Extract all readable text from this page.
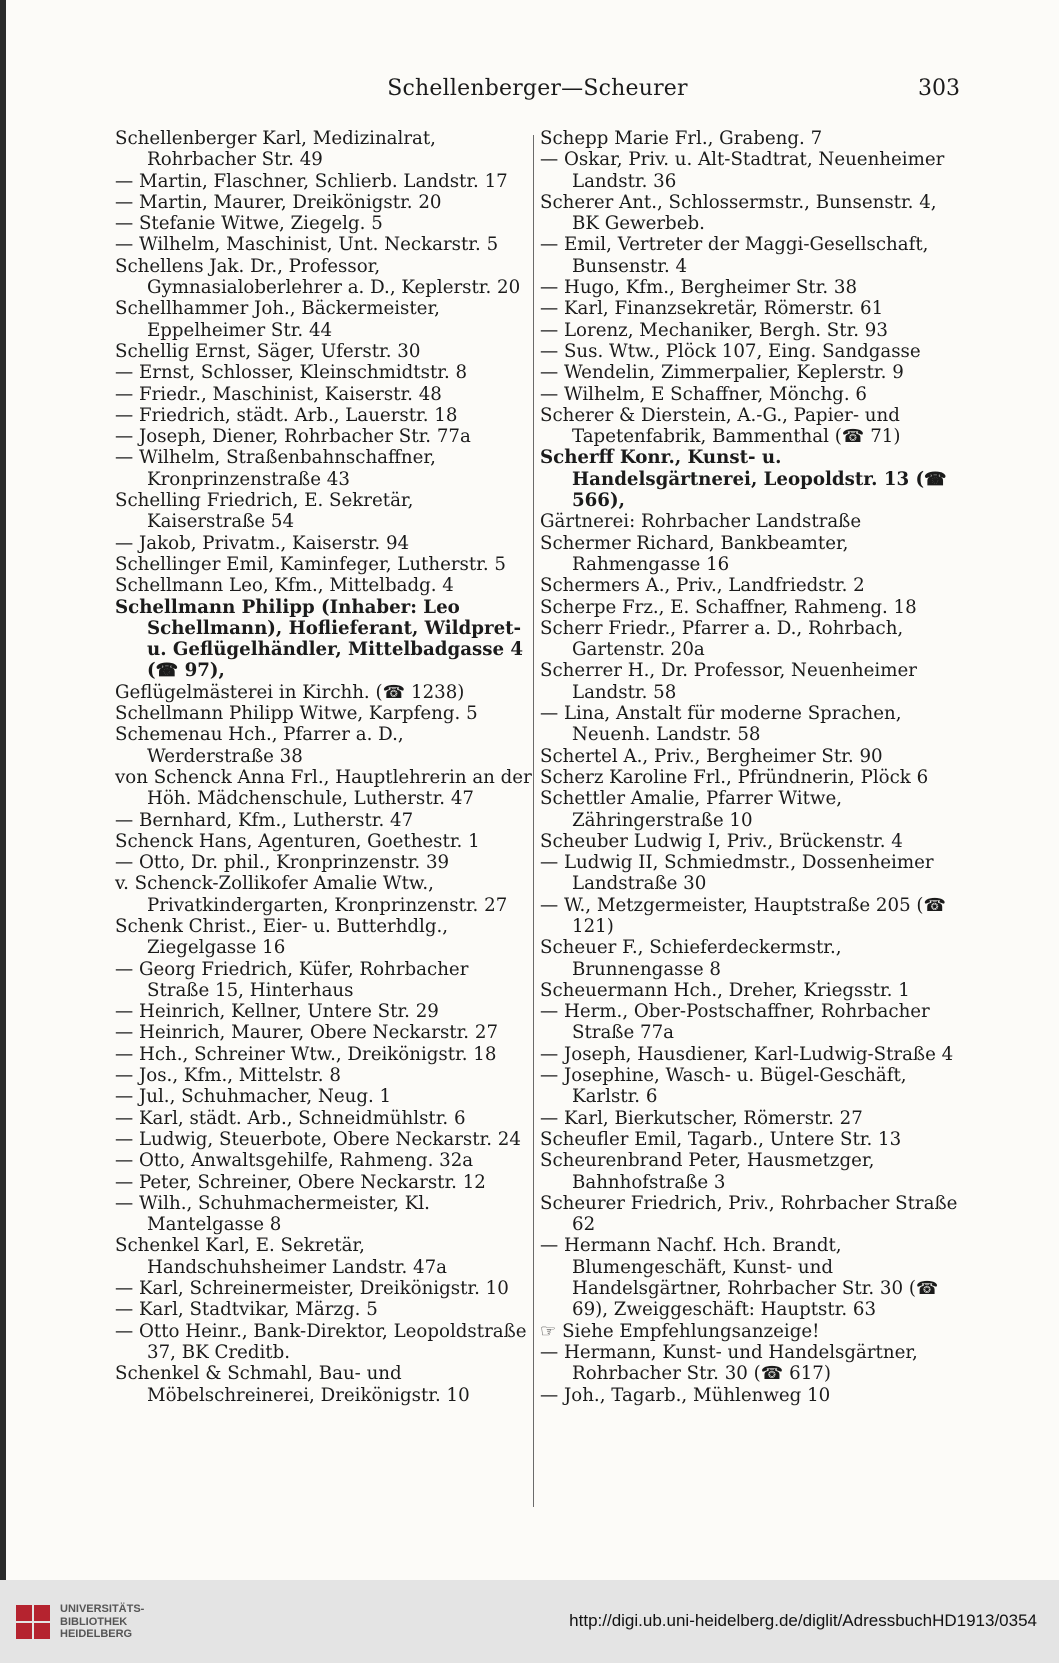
Schellenberger—Scheurer	303

Schellenberger Karl, Medizinalrat, Rohrbacher Str. 49

— Martin, Flaschner, Schlierb. Landstr. 17

— Martin, Maurer, Dreikönigstr. 20

— Stefanie Witwe, Ziegelg. 5

— Wilhelm, Maschinist, Unt. Neckarstr. 5

Schellens Jak. Dr., Professor, Gymnasialoberlehrer a. D., Keplerstr. 20

Schellhammer Joh., Bäckermeister, Eppelheimer Str. 44

Schellig Ernst, Säger, Uferstr. 30

— Ernst, Schlosser, Kleinschmidtstr. 8

— Friedr., Maschinist, Kaiserstr. 48

— Friedrich, städt. Arb., Lauerstr. 18

— Joseph, Diener, Rohrbacher Str. 77a

— Wilhelm, Straßenbahnschaffner, Kronprinzenstraße 43

Schelling Friedrich, E. Sekretär, Kaiserstraße 54

— Jakob, Privatm., Kaiserstr. 94

Schellinger Emil, Kaminfeger, Lutherstr. 5

Schellmann Leo, Kfm., Mittelbadg. 4

Schellmann Philipp (Inhaber: Leo Schellmann), Hoflieferant, Wildpret- u. Geflügelhändler, Mittelbadgasse 4 (☎ 97),

Geflügelmästerei in Kirchh. (☎ 1238)

Schellmann Philipp Witwe, Karpfeng. 5

Schemenau Hch., Pfarrer a. D., Werderstraße 38

von Schenck Anna Frl., Hauptlehrerin an der Höh. Mädchenschule, Lutherstr. 47

— Bernhard, Kfm., Lutherstr. 47

Schenck Hans, Agenturen, Goethestr. 1

— Otto, Dr. phil., Kronprinzenstr. 39

v. Schenck-Zollikofer Amalie Wtw., Privatkindergarten, Kronprinzenstr. 27

Schenk Christ., Eier- u. Butterhdlg., Ziegelgasse 16

— Georg Friedrich, Küfer, Rohrbacher Straße 15, Hinterhaus

— Heinrich, Kellner, Untere Str. 29

— Heinrich, Maurer, Obere Neckarstr. 27

— Hch., Schreiner Wtw., Dreikönigstr. 18

— Jos., Kfm., Mittelstr. 8

— Jul., Schuhmacher, Neug. 1

— Karl, städt. Arb., Schneidmühlstr. 6

— Ludwig, Steuerbote, Obere Neckarstr. 24

— Otto, Anwaltsgehilfe, Rahmeng. 32a

— Peter, Schreiner, Obere Neckarstr. 12

— Wilh., Schuhmachermeister, Kl. Mantelgasse 8

Schenkel Karl, E. Sekretär, Handschuhsheimer Landstr. 47a

— Karl, Schreinermeister, Dreikönigstr. 10

— Karl, Stadtvikar, Märzg. 5

— Otto Heinr., Bank-Direktor, Leopoldstraße 37, BK Creditb.

Schenkel & Schmahl, Bau- und Möbelschreinerei, Dreikönigstr. 10

Schepp Marie Frl., Grabeng. 7

— Oskar, Priv. u. Alt-Stadtrat, Neuenheimer Landstr. 36

Scherer Ant., Schlossermstr., Bunsenstr. 4, BK Gewerbeb.

— Emil, Vertreter der Maggi-Gesellschaft, Bunsenstr. 4

— Hugo, Kfm., Bergheimer Str. 38

— Karl, Finanzsekretär, Römerstr. 61

— Lorenz, Mechaniker, Bergh. Str. 93

— Sus. Wtw., Plöck 107, Eing. Sandgasse

— Wendelin, Zimmerpalier, Keplerstr. 9

— Wilhelm, E Schaffner, Mönchg. 6

Scherer & Dierstein, A.-G., Papier- und Tapetenfabrik, Bammenthal (☎ 71)

Scherff Konr., Kunst- u. Handelsgärtnerei, Leopoldstr. 13 (☎ 566),

Gärtnerei: Rohrbacher Landstraße

Schermer Richard, Bankbeamter, Rahmengasse 16

Schermers A., Priv., Landfriedstr. 2

Scherpe Frz., E. Schaffner, Rahmeng. 18

Scherr Friedr., Pfarrer a. D., Rohrbach, Gartenstr. 20a

Scherrer H., Dr. Professor, Neuenheimer Landstr. 58

— Lina, Anstalt für moderne Sprachen, Neuenh. Landstr. 58

Schertel A., Priv., Bergheimer Str. 90

Scherz Karoline Frl., Pfründnerin, Plöck 6

Schettler Amalie, Pfarrer Witwe, Zähringerstraße 10

Scheuber Ludwig I, Priv., Brückenstr. 4

— Ludwig II, Schmiedmstr., Dossenheimer Landstraße 30

— W., Metzgermeister, Hauptstraße 205 (☎ 121)

Scheuer F., Schieferdeckermstr., Brunnengasse 8

Scheuermann Hch., Dreher, Kriegsstr. 1

— Herm., Ober-Postschaffner, Rohrbacher Straße 77a

— Joseph, Hausdiener, Karl-Ludwig-Straße 4

— Josephine, Wasch- u. Bügel-Geschäft, Karlstr. 6

— Karl, Bierkutscher, Römerstr. 27

Scheufler Emil, Tagarb., Untere Str. 13

Scheurenbrand Peter, Hausmetzger, Bahnhofstraße 3

Scheurer Friedrich, Priv., Rohrbacher Straße 62

— Hermann Nachf. Hch. Brandt, Blumengeschäft, Kunst- und Handelsgärtner, Rohrbacher Str. 30 (☎ 69), Zweiggeschäft: Hauptstr. 63

☞ Siehe Empfehlungsanzeige!

— Hermann, Kunst- und Handelsgärtner, Rohrbacher Str. 30 (☎ 617)

— Joh., Tagarb., Mühlenweg 10

UNIVERSITÄTS-
BIBLIOTHEK
HEIDELBERG
http://digi.ub.uni-heidelberg.de/diglit/AdressbuchHD1913/0354
